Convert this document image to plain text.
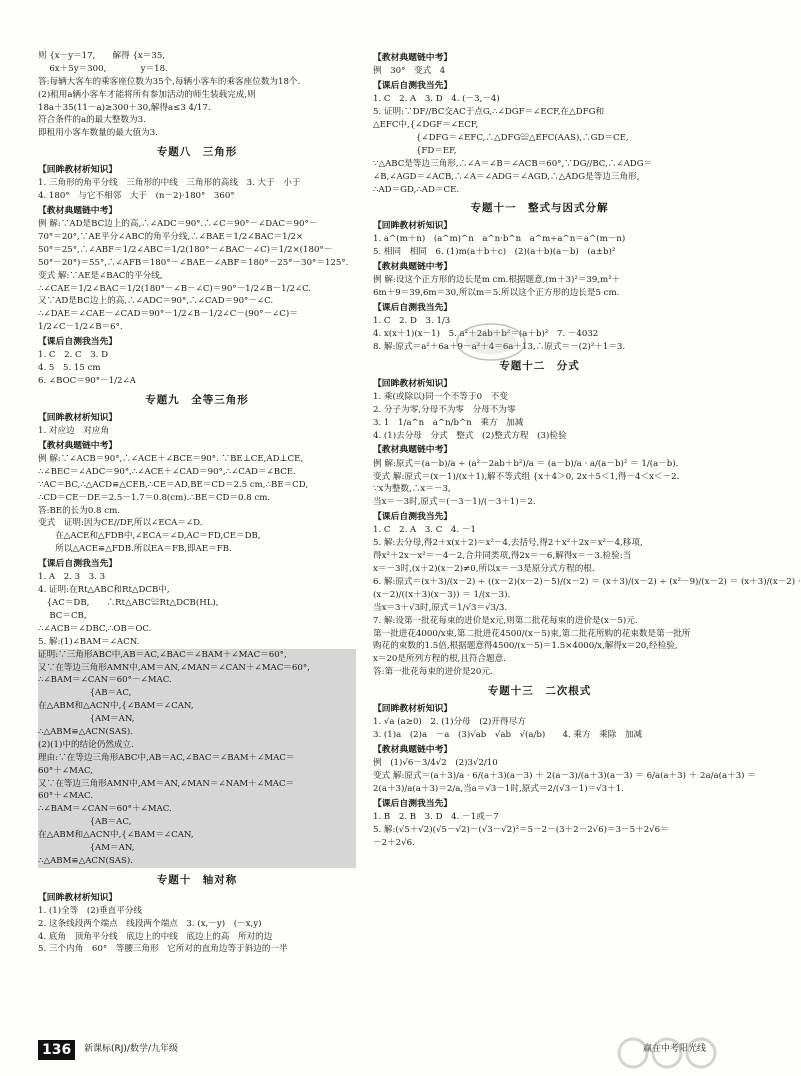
则 {x－y＝17,　　解得 {x＝35,
　 6x＋5y＝300,　　　　y＝18.
答:每辆大客车的乘客座位数为35个,每辆小客车的乘客座位数为18个.
(2)租用a辆小客车才能将所有参加活动的师生装载完成,则
18a＋35(11－a)≥300＋30,解得a≤3 4/17.
符合条件的a的最大整数为3.
即租用小客车数量的最大值为3.
专题八　三角形
【回眸教材析知识】
1. 三角形的角平分线　三角形的中线　三角形的高线　3. 大于　小于
4. 180°　与它不相邻　大于　(n－2)·180°　360°
【教材典题链中考】
例 解:∵AD是BC边上的高,∴∠ADC＝90°.∴∠C＝90°－∠DAC＝90°－
70°＝20°,∵AE平分∠ABC的角平分线,∴∠BAE＝1/2∠BAC＝1/2×
50°＝25°,∴∠ABF＝1/2∠ABC＝1/2(180°－∠BAC－∠C)＝1/2×(180°－
50°－20°)＝55°,∴∠AFB＝180°－∠BAE－∠ABF＝180°－25°－30°＝125°.
变式 解:∵AE是∠BAC的平分线,
∴∠CAE＝1/2∠BAC＝1/2(180°－∠B－∠C)＝90°－1/2∠B－1/2∠C.
又∵AD是BC边上的高,∴∠ADC＝90°,∴∠CAD＝90°－∠C.
∴∠DAE＝∠CAE－∠CAD＝90°－1/2∠B－1/2∠C－(90°－∠C)＝
1/2∠C－1/2∠B＝6°.
【课后自测我当先】
1. C　2. C　3. D
4. 5　5. 15 cm
6. ∠BOC＝90°－1/2∠A
专题九　全等三角形
【回眸教材析知识】
1. 对应边　对应角
【教材典题链中考】
例 解:∵∠ACB＝90°,∴∠ACE＋∠BCE＝90°. ∵BE⊥CE,AD⊥CE,
∴∠BEC＝∠ADC＝90°,∴∠ACE＋∠CAD＝90°,∴∠CAD＝∠BCE.
∵AC＝BC,∴△ACD≌△CEB,∴CE＝AD,BE＝CD＝2.5 cm,∴BE＝CD,
∴CD＝CE－DE＝2.5－1.7＝0.8(cm).∴BE＝CD＝0.8 cm.
答:BE的长为0.8 cm.
变式　证明:因为CE//DF,所以∠ECA＝∠D.
　　在△ACE和△FDB中,∠ECA＝∠D,AC＝FD,CE＝DB,
　　所以△ACE≌△FDB.所以EA＝FB,即AE＝FB.
【课后自测我当先】
1. A　2. 3　3. 3
4. 证明:在Rt△ABC和Rt△DCB中,
　{AC＝DB,　　∴Rt△ABC≌Rt△DCB(HL),
　 BC＝CB,
∴∠ACB＝∠DBC,∴OB＝OC.
5. 解:(1)∠BAM＝∠ACN.
证明:∵三角形ABC中,AB＝AC,∠BAC＝∠BAM＋∠MAC＝60°,
又∵在等边三角形AMN中,AM＝AN,∠MAN＝∠CAN＋∠MAC＝60°,
∴∠BAM＝∠CAN＝60°－∠MAC.
　　　　　　{AB＝AC,
在△ABM和△ACN中,{∠BAM＝∠CAN,
　　　　　　{AM＝AN,
∴△ABM≌△ACN(SAS).
(2)(1)中的结论仍然成立.
理由:∵在等边三角形ABC中,AB＝AC,∠BAC＝∠BAM＋∠MAC＝
60°＋∠MAC,
又∵在等边三角形AMN中,AM＝AN,∠MAN＝∠NAM＋∠MAC＝
60°＋∠MAC.
∴∠BAM＝∠CAN＝60°＋∠MAC.
　　　　　　{AB＝AC,
在△ABM和△ACN中,{∠BAM＝∠CAN,
　　　　　　{AM＝AN,
∴△ABM≌△ACN(SAS).
专题十　轴对称
【回眸教材析知识】
1. (1)全等　(2)垂直平分线
2. 这条线段两个端点　线段两个端点　3. (x,－y)　(－x,y)
4. 底角　顶角平分线　底边上的中线　底边上的高　所对的边
5. 三个内角　60°　等腰三角形　它所对的直角边等于斜边的一半
【教材典题链中考】
例　30°　变式　4
【课后自测我当先】
1. C　2. A　3. D　4. (－3,－4)
5. 证明:∵DF//BC交AC于点G,∴∠DGF＝∠ECF,在△DFG和
△EFC中,{∠DGF＝∠ECF,
　　　　　{∠DFG＝∠EFC,∴△DFG≌△EFC(AAS),∴GD＝CE,
　　　　　{FD＝EF,
∵△ABC是等边三角形,∴∠A＝∠B＝∠ACB＝60°,∵DG//BC,∴∠ADG＝
∠B,∠AGD＝∠ACB,∴∠A＝∠ADG＝∠AGD,∴△ADG是等边三角形,
∴AD＝GD,∴AD＝CE.
专题十一　整式与因式分解
【回眸教材析知识】
1. a^(m＋n)　(a^m)^n　a^n·b^n　a^m÷a^n＝a^(m－n)
5. 相同　相同　6. (1)m(a＋b＋c)　(2)(a＋b)(a－b)　(a±b)²
【教材典题链中考】
例 解:设这个正方形的边长是m cm.根据题意,(m＋3)²＝39,m²＋
6m＋9＝39,6m＝30,所以m＝5.所以这个正方形的边长是5 cm.
【课后自测我当先】
1. C　2. D　3. 1/3
4. x(x＋1)(x－1)　5. a²＋2ab＋b²＝(a＋b)²　7. －4032
8. 解:原式＝a²＋6a＋9－a²＋4＝6a＋13,∴原式＝－(2)²＋1＝3.
专题十二　分式
【回眸教材析知识】
1. 乘(或除以)同一个不等于0　不变
2. 分子为零,分母不为零　分母不为零
3. 1　1/a^n　a^n/b^n　乘方　加减
4. (1)去分母　分式　整式　(2)整式方程　(3)检验
【教材典题链中考】
例 解:原式＝(a－b)/a ÷ (a²－2ab＋b²)/a ＝ (a－b)/a · a/(a－b)² ＝ 1/(a－b).
变式 解:原式＝(x－1)/(x＋1),解不等式组 {x＋4＞0, 2x＋5＜1,得－4＜x＜－2.
∵x为整数,∴x＝－3,
当x＝－3时,原式＝(－3－1)/(－3＋1)＝2.
【课后自测我当先】
1. C　2. A　3. C　4. －1
5. 解:去分母,得2＋x(x＋2)＝x²－4,去括号,得2＋x²＋2x＝x²－4,移项,
得x²＋2x－x²＝－4－2,合并同类项,得2x＝－6,解得x＝－3.检验:当
x＝－3时,(x＋2)(x－2)≠0,所以x＝－3是原分式方程的根.
6. 解:原式＝(x＋3)/(x－2) ÷ ((x－2)(x－2)－5)/(x－2) ＝ (x＋3)/(x－2) ÷ (x²－9)/(x－2) ＝ (x＋3)/(x－2) ·
(x－2)/((x＋3)(x－3)) ＝ 1/(x－3).
当x＝3＋√3时,原式＝1/√3＝√3/3.
7. 解:设第一批花每束的进价是x元,则第二批花每束的进价是(x－5)元.
第一批进花4000/x束,第二批进花4500/(x－5)束,第二批花所购的花束数是第一批所
购花的束数的1.5倍,根据题意得4500/(x－5)＝1.5×4000/x,解得x＝20,经检验,
x＝20是所列方程的根,且符合题意.
答:第一批花每束的进价是20元.
专题十三　二次根式
【回眸教材析知识】
1. √a (a≥0)　2. (1)分母　(2)开得尽方
3. (1)a　(2)a　－a　(3)√ab　√ab　√(a/b)　　4. 乘方　乘除　加减
【教材典题链中考】
例　(1)√6－3/4√2　(2)3√2/10
变式 解:原式＝(a＋3)/a · 6/(a＋3)(a－3) ＋ 2(a－3)/(a＋3)(a－3) ＝ 6/a(a＋3) ＋ 2a/a(a＋3) ＝
2(a＋3)/a(a＋3)＝2/a,当a＝√3－1时,原式＝2/(√3－1)＝√3＋1.
【课后自测我当先】
1. B　2. B　3. D　4. －1或－7
5. 解:(√5＋√2)(√5－√2)－(√3－√2)²＝5－2－(3＋2－2√6)＝3－5＋2√6＝
－2＋2√6.
136	新课标(RJ)/数学/九年级	赢在中考阳光线
